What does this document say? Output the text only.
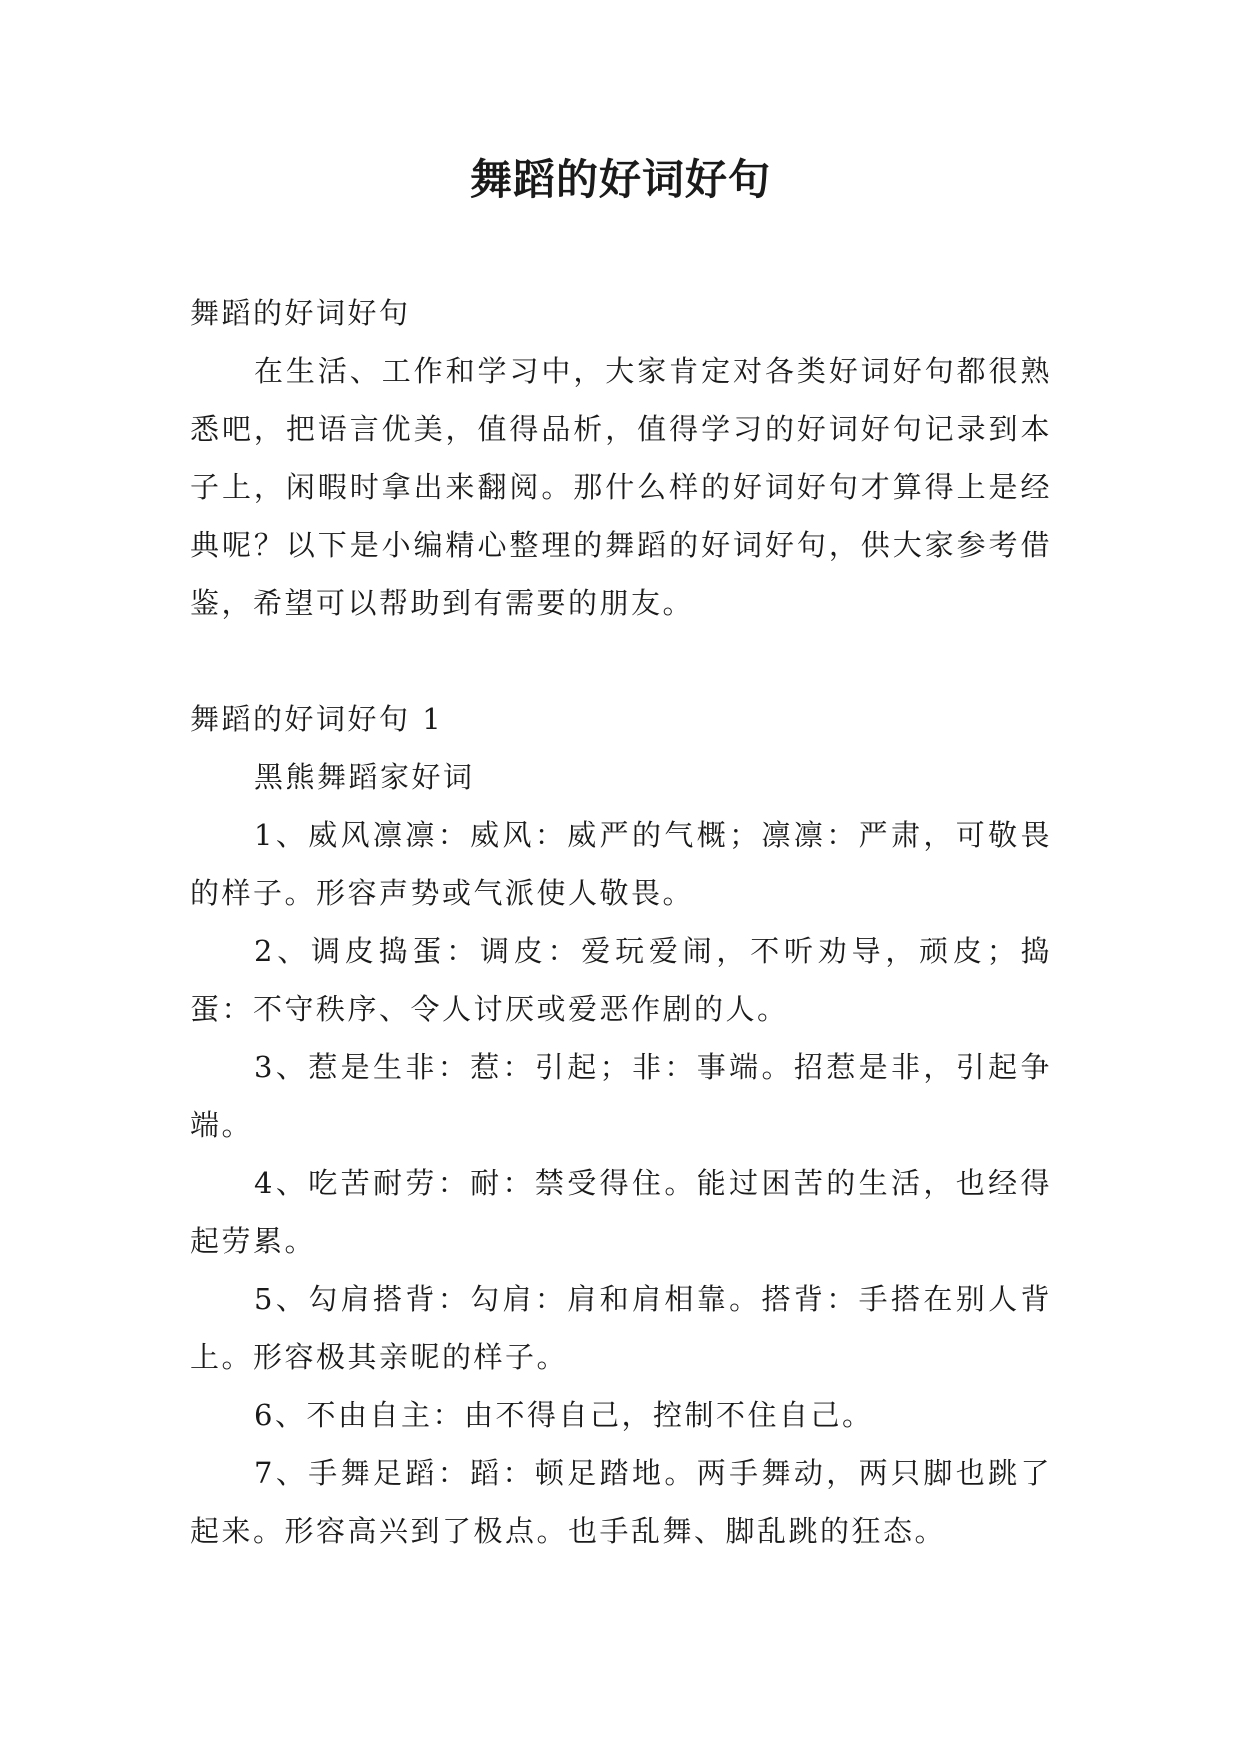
舞蹈的好词好句

舞蹈的好词好句

在生活、工作和学习中，大家肯定对各类好词好句都很熟悉吧，把语言优美，值得品析，值得学习的好词好句记录到本子上，闲暇时拿出来翻阅。那什么样的好词好句才算得上是经典呢？以下是小编精心整理的舞蹈的好词好句，供大家参考借鉴，希望可以帮助到有需要的朋友。

舞蹈的好词好句 1

黑熊舞蹈家好词

1、威风凛凛：威风：威严的气概；凛凛：严肃，可敬畏的样子。形容声势或气派使人敬畏。

2、调皮捣蛋：调皮：爱玩爱闹，不听劝导，顽皮；捣蛋：不守秩序、令人讨厌或爱恶作剧的人。

3、惹是生非：惹：引起；非：事端。招惹是非，引起争端。

4、吃苦耐劳：耐：禁受得住。能过困苦的生活，也经得起劳累。

5、勾肩搭背：勾肩：肩和肩相靠。搭背：手搭在别人背上。形容极其亲昵的样子。

6、不由自主：由不得自己，控制不住自己。

7、手舞足蹈：蹈：顿足踏地。两手舞动，两只脚也跳了起来。形容高兴到了极点。也手乱舞、脚乱跳的狂态。
